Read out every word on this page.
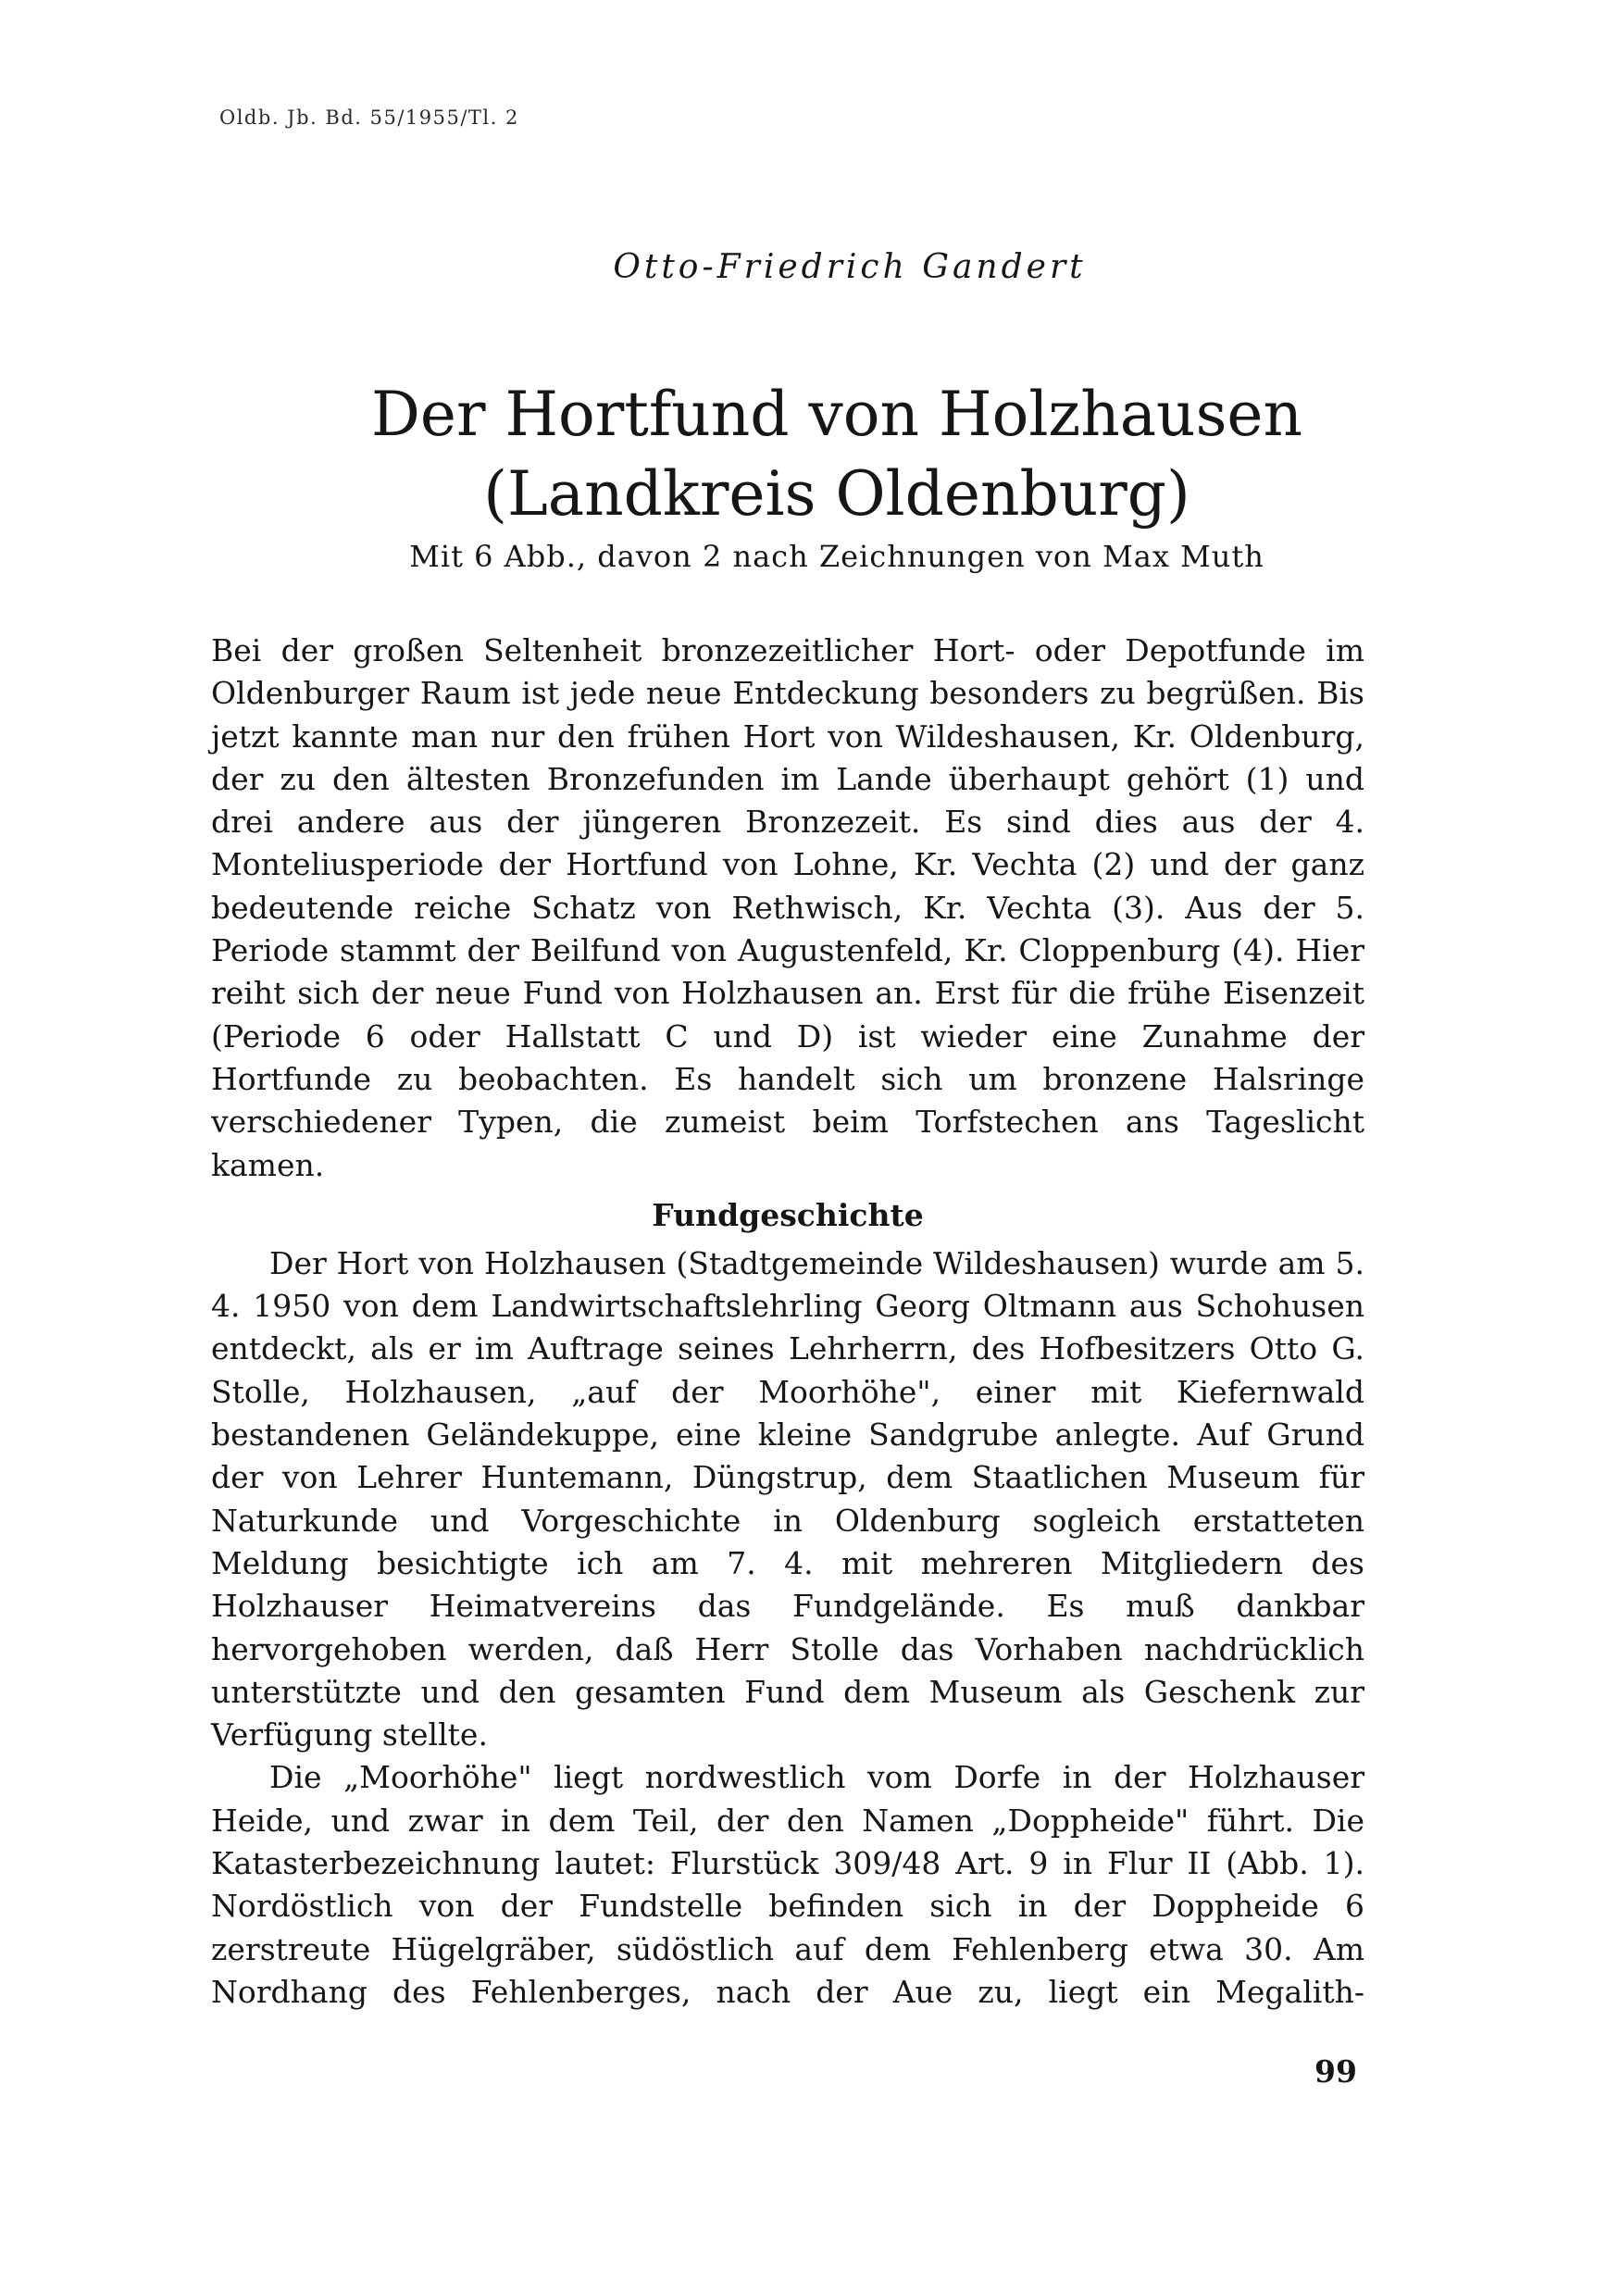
Oldb. Jb. Bd. 55/1955/Tl. 2
Otto-Friedrich Gandert
Der Hortfund von Holzhausen
(Landkreis Oldenburg)
Mit 6 Abb., davon 2 nach Zeichnungen von Max Muth

Bei der großen Seltenheit bronzezeitlicher Hort- oder Depotfunde im Oldenburger Raum ist jede neue Entdeckung besonders zu begrüßen. Bis jetzt kannte man nur den frühen Hort von Wildeshausen, Kr. Oldenburg, der zu den ältesten Bronzefunden im Lande überhaupt gehört (1) und drei andere aus der jüngeren Bronzezeit. Es sind dies aus der 4. Monteliusperiode der Hortfund von Lohne, Kr. Vechta (2) und der ganz bedeutende reiche Schatz von Rethwisch, Kr. Vechta (3). Aus der 5. Periode stammt der Beilfund von Augustenfeld, Kr. Cloppenburg (4). Hier reiht sich der neue Fund von Holzhausen an. Erst für die frühe Eisenzeit (Periode 6 oder Hallstatt C und D) ist wieder eine Zunahme der Hortfunde zu beobachten. Es handelt sich um bronzene Halsringe verschiedener Typen, die zumeist beim Torfstechen ans Tageslicht kamen.

Fundgeschichte

Der Hort von Holzhausen (Stadtgemeinde Wildeshausen) wurde am 5. 4. 1950 von dem Landwirtschaftslehrling Georg Oltmann aus Schohusen entdeckt, als er im Auftrage seines Lehrherrn, des Hofbesitzers Otto G. Stolle, Holzhausen, „auf der Moorhöhe", einer mit Kiefernwald bestandenen Geländekuppe, eine kleine Sandgrube anlegte. Auf Grund der von Lehrer Huntemann, Düngstrup, dem Staatlichen Museum für Naturkunde und Vorgeschichte in Oldenburg sogleich erstatteten Meldung besichtigte ich am 7. 4. mit mehreren Mitgliedern des Holzhauser Heimatvereins das Fundgelände. Es muß dankbar hervorgehoben werden, daß Herr Stolle das Vorhaben nachdrücklich unterstützte und den gesamten Fund dem Museum als Geschenk zur Verfügung stellte.

Die „Moorhöhe" liegt nordwestlich vom Dorfe in der Holzhauser Heide, und zwar in dem Teil, der den Namen „Doppheide" führt. Die Katasterbezeichnung lautet: Flurstück 309/48 Art. 9 in Flur II (Abb. 1). Nordöstlich von der Fundstelle befinden sich in der Doppheide 6 zerstreute Hügelgräber, südöstlich auf dem Fehlenberg etwa 30. Am Nordhang des Fehlenberges, nach der Aue zu, liegt ein Megalith-

99
